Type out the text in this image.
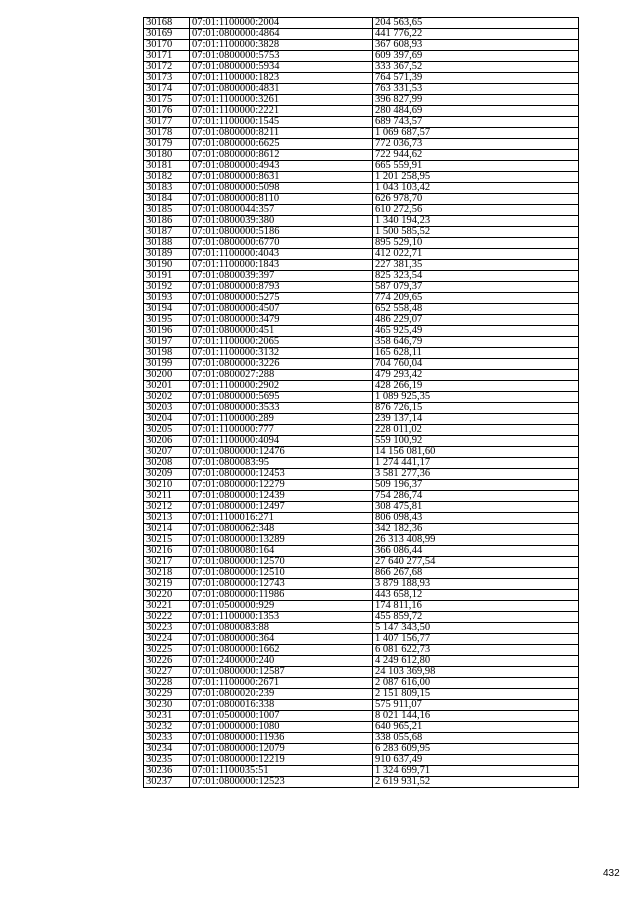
30168	07:01:1100000:2004	204 563,65
30169	07:01:0800000:4864	441 776,22
30170	07:01:1100000:3828	367 608,93
30171	07:01:0800000:5753	609 397,69
30172	07:01:0800000:5934	333 367,52
30173	07:01:1100000:1823	764 571,39
30174	07:01:0800000:4831	763 331,53
30175	07:01:1100000:3261	396 827,99
30176	07:01:1100000:2221	280 484,69
30177	07:01:1100000:1545	689 743,57
30178	07:01:0800000:8211	1 069 687,57
30179	07:01:0800000:6625	772 036,73
30180	07:01:0800000:8612	722 944,62
30181	07:01:0800000:4943	665 559,91
30182	07:01:0800000:8631	1 201 258,95
30183	07:01:0800000:5098	1 043 103,42
30184	07:01:0800000:8110	626 978,70
30185	07:01:0800044:357	610 272,56
30186	07:01:0800039:380	1 340 194,23
30187	07:01:0800000:5186	1 500 585,52
30188	07:01:0800000:6770	895 529,10
30189	07:01:1100000:4043	412 022,71
30190	07:01:1100000:1843	227 381,35
30191	07:01:0800039:397	825 323,54
30192	07:01:0800000:8793	587 079,37
30193	07:01:0800000:5275	774 209,65
30194	07:01:0800000:4507	652 558,48
30195	07:01:0800000:3479	486 229,07
30196	07:01:0800000:451	465 925,49
30197	07:01:1100000:2065	358 646,79
30198	07:01:1100000:3132	165 628,11
30199	07:01:0800000:3226	704 760,04
30200	07:01:0800027:288	479 293,42
30201	07:01:1100000:2902	428 266,19
30202	07:01:0800000:5695	1 089 925,35
30203	07:01:0800000:3533	876 726,15
30204	07:01:1100000:289	239 137,14
30205	07:01:1100000:777	228 011,02
30206	07:01:1100000:4094	559 100,92
30207	07:01:0800000:12476	14 156 081,60
30208	07:01:0800083:95	1 274 441,17
30209	07:01:0800000:12453	3 581 277,36
30210	07:01:0800000:12279	509 196,37
30211	07:01:0800000:12439	754 286,74
30212	07:01:0800000:12497	308 475,81
30213	07:01:1100016:271	806 098,43
30214	07:01:0800062:348	342 182,36
30215	07:01:0800000:13289	26 313 408,99
30216	07:01:0800080:164	366 086,44
30217	07:01:0800000:12570	27 640 277,54
30218	07:01:0800000:12510	866 267,68
30219	07:01:0800000:12743	3 879 188,93
30220	07:01:0800000:11986	443 658,12
30221	07:01:0500000:929	174 811,16
30222	07:01:1100000:1353	455 859,72
30223	07:01:0800083:88	5 147 343,50
30224	07:01:0800000:364	1 407 156,77
30225	07:01:0800000:1662	6 081 622,73
30226	07:01:2400000:240	4 249 612,80
30227	07:01:0800000:12587	24 103 369,98
30228	07:01:1100000:2671	2 087 616,00
30229	07:01:0800020:239	2 151 809,15
30230	07:01:0800016:338	575 911,07
30231	07:01:0500000:1007	8 021 144,16
30232	07:01:0000000:1080	640 965,21
30233	07:01:0800000:11936	338 055,68
30234	07:01:0800000:12079	6 283 609,95
30235	07:01:0800000:12219	910 637,49
30236	07:01:1100035:51	1 324 699,71
30237	07:01:0800000:12523	2 619 931,52
432
